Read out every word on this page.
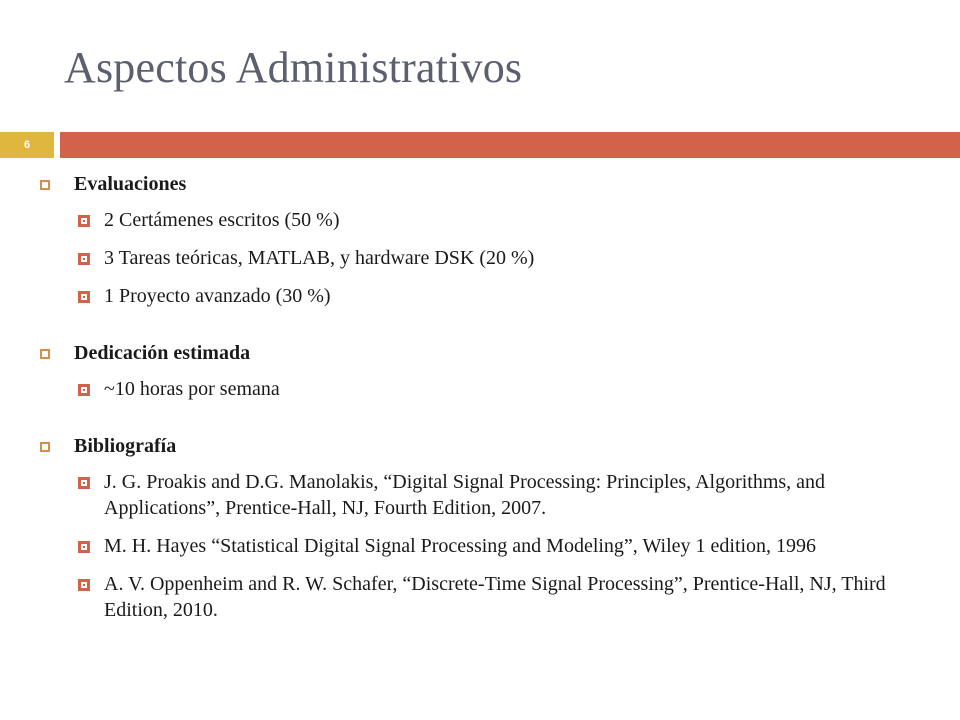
Aspectos Administrativos
6
Evaluaciones
2 Certámenes escritos (50 %)
3 Tareas teóricas, MATLAB, y hardware DSK (20 %)
1 Proyecto avanzado (30 %)
Dedicación estimada
~10 horas por semana
Bibliografía
J. G. Proakis and D.G. Manolakis, “Digital Signal Processing: Principles, Algorithms, and Applications”, Prentice-Hall, NJ, Fourth Edition, 2007.
M. H. Hayes “Statistical Digital Signal Processing and Modeling”, Wiley 1 edition, 1996
A. V. Oppenheim and R. W. Schafer, “Discrete-Time Signal Processing”, Prentice-Hall, NJ, Third Edition, 2010.
